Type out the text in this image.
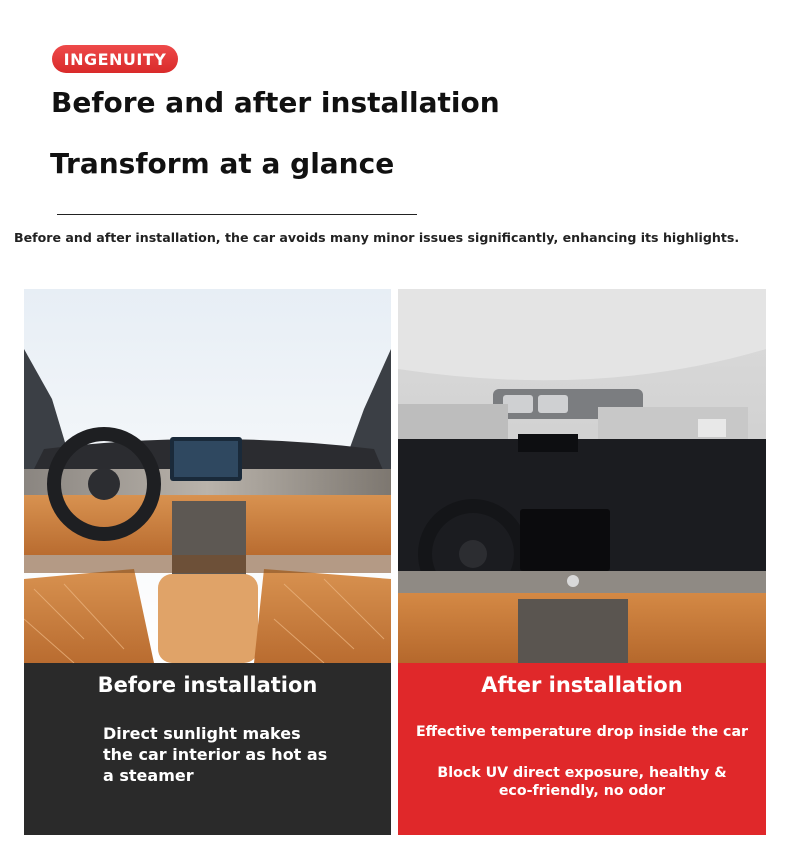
INGENUITY
Before and after installation
Transform at a glance

Before and after installation, the car avoids many minor issues significantly, enhancing its highlights.

Before installation
Direct sunlight makes the car interior as hot as a steamer
After installation
Effective temperature drop inside the car
Block UV direct exposure, healthy & eco-friendly, no odor
